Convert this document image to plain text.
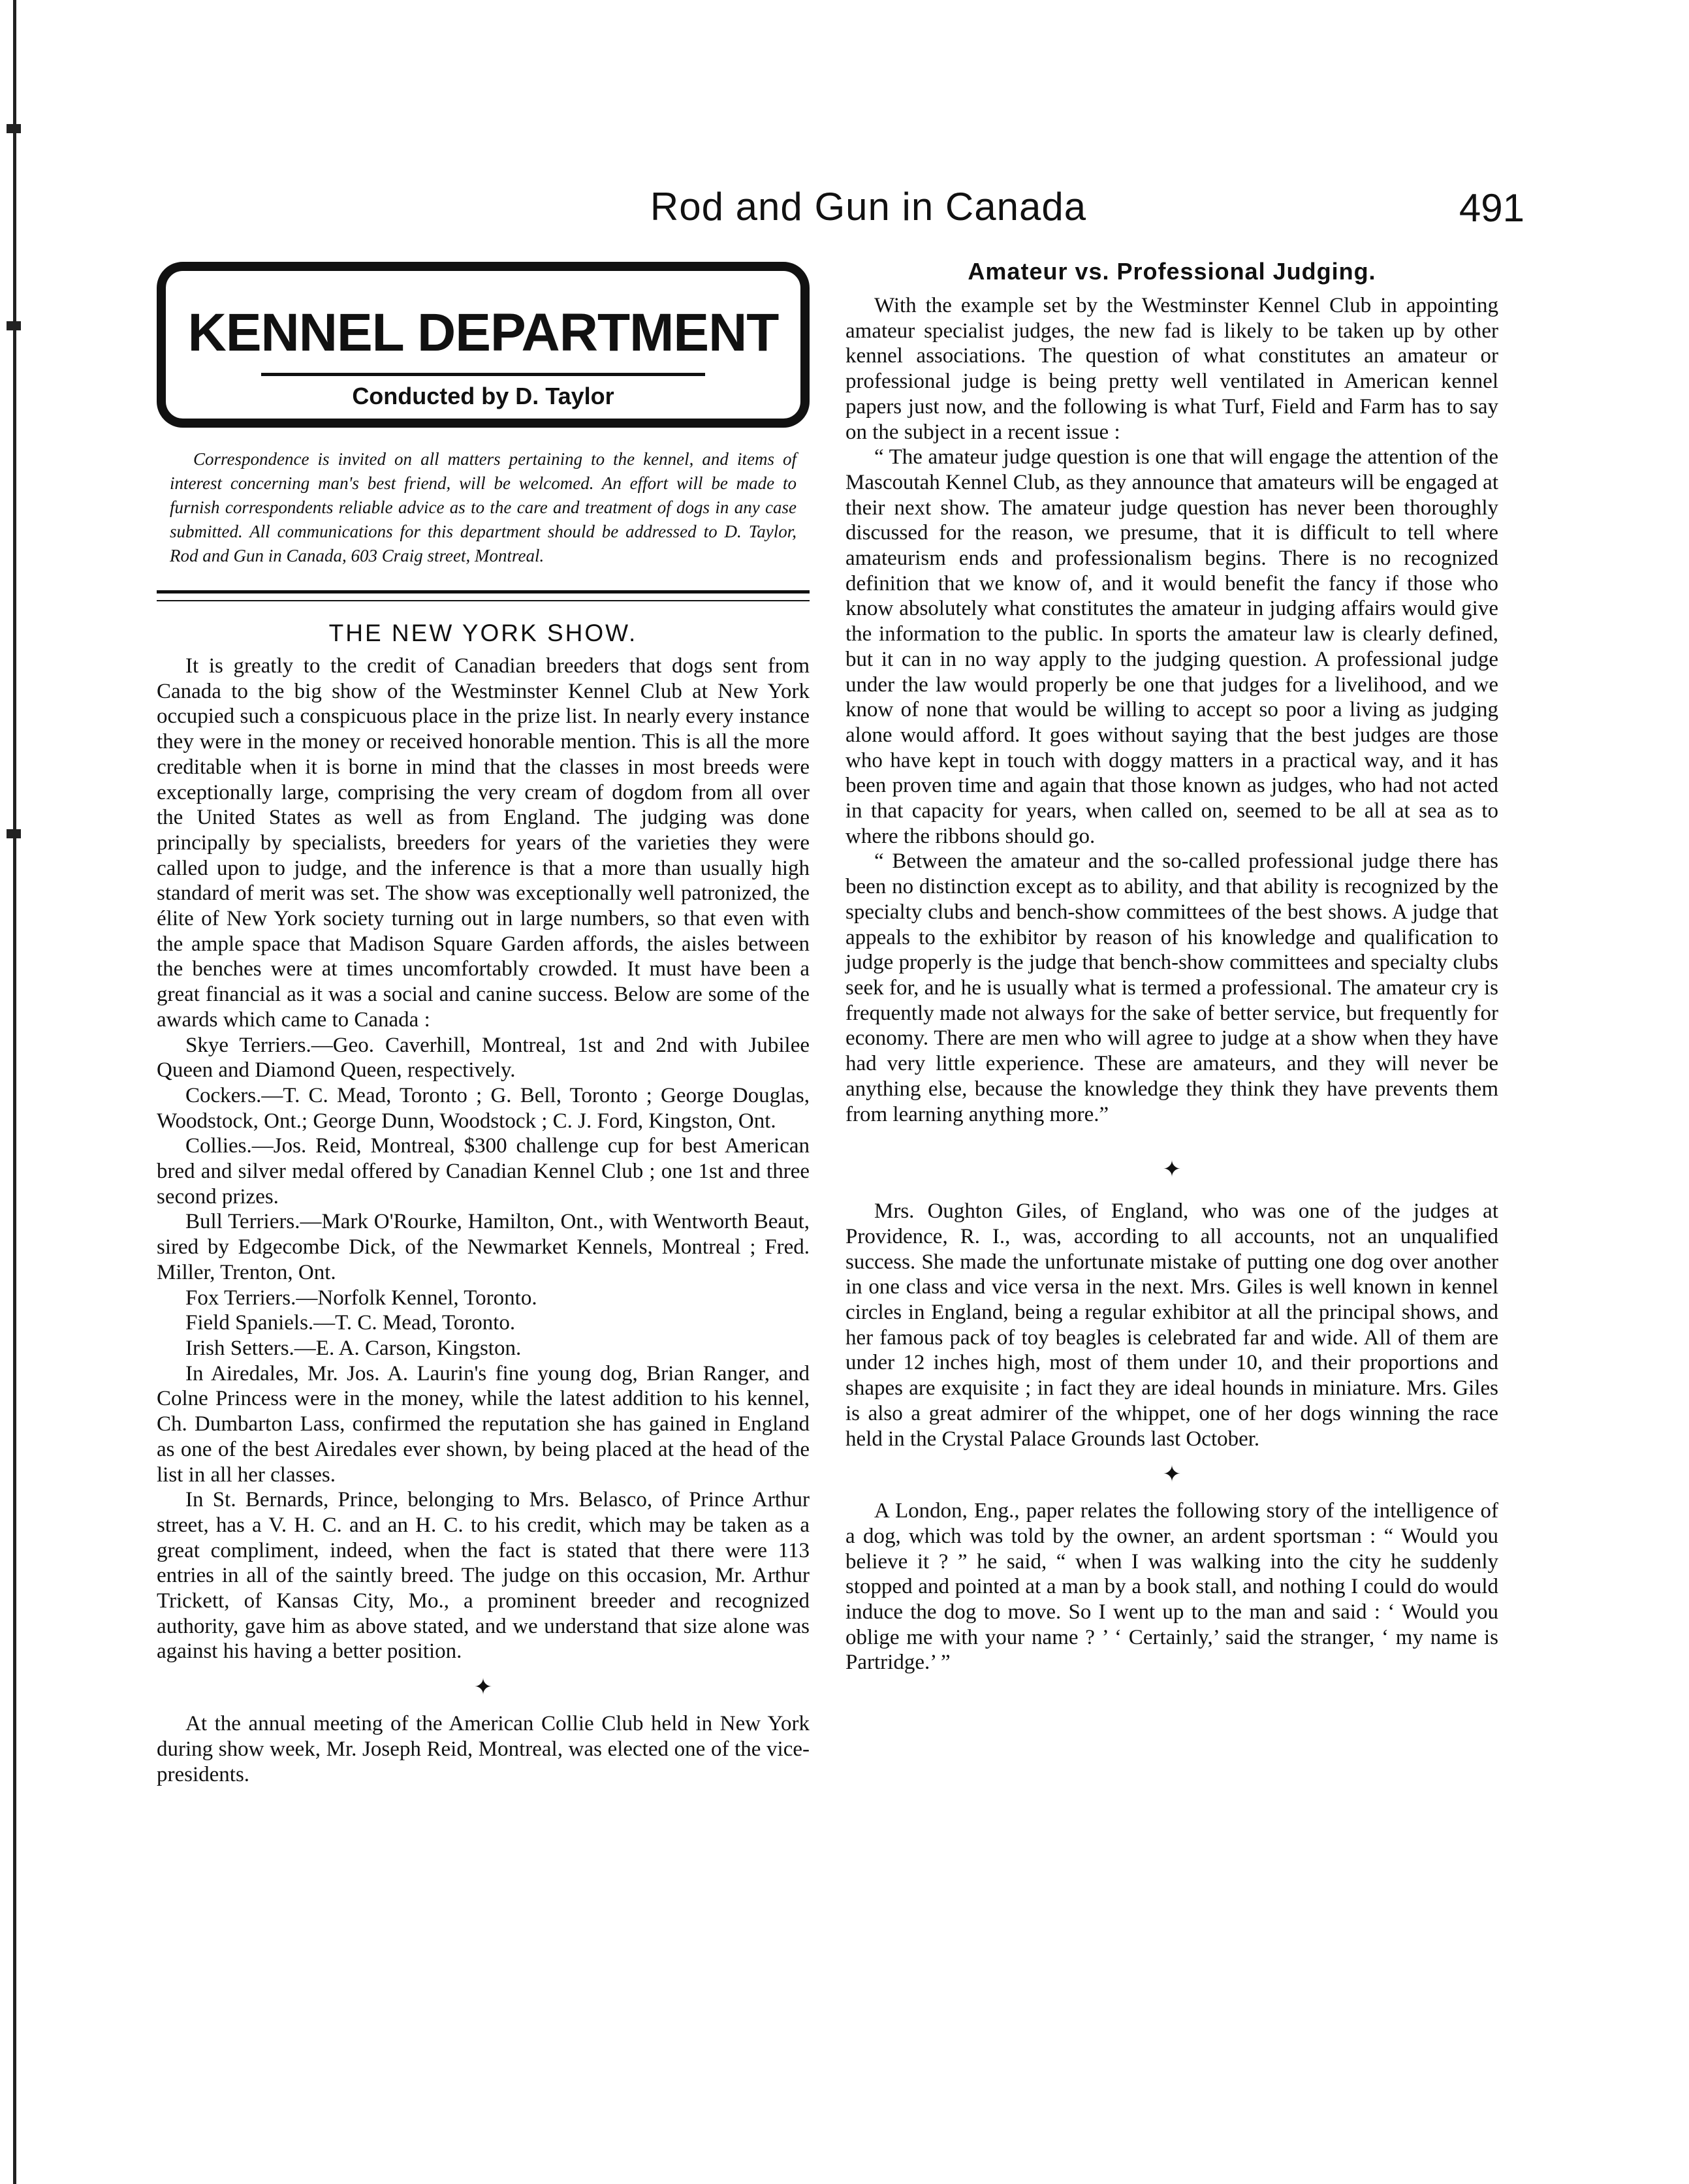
Rod and Gun in Canada	491
KENNEL DEPARTMENT
Conducted by D. Taylor

Correspondence is invited on all matters pertaining to the kennel, and items of interest concerning man's best friend, will be welcomed. An effort will be made to furnish correspondents reliable advice as to the care and treatment of dogs in any case submitted. All communications for this department should be addressed to D. Taylor, Rod and Gun in Canada, 603 Craig street, Montreal.

THE NEW YORK SHOW.

It is greatly to the credit of Canadian breeders that dogs sent from Canada to the big show of the Westminster Kennel Club at New York occupied such a conspicuous place in the prize list. In nearly every instance they were in the money or received honorable mention. This is all the more creditable when it is borne in mind that the classes in most breeds were exceptionally large, comprising the very cream of dogdom from all over the United States as well as from England. The judging was done principally by specialists, breeders for years of the varieties they were called upon to judge, and the inference is that a more than usually high standard of merit was set. The show was exceptionally well patronized, the élite of New York society turning out in large numbers, so that even with the ample space that Madison Square Garden affords, the aisles between the benches were at times uncomfortably crowded. It must have been a great financial as it was a social and canine success. Below are some of the awards which came to Canada :

Skye Terriers.—Geo. Caverhill, Montreal, 1st and 2nd with Jubilee Queen and Diamond Queen, respectively.

Cockers.—T. C. Mead, Toronto ; G. Bell, Toronto ; George Douglas, Woodstock, Ont.; George Dunn, Woodstock ; C. J. Ford, Kingston, Ont.

Collies.—Jos. Reid, Montreal, $300 challenge cup for best American bred and silver medal offered by Canadian Kennel Club ; one 1st and three second prizes.

Bull Terriers.—Mark O'Rourke, Hamilton, Ont., with Wentworth Beaut, sired by Edgecombe Dick, of the Newmarket Kennels, Montreal ; Fred. Miller, Trenton, Ont.

Fox Terriers.—Norfolk Kennel, Toronto.

Field Spaniels.—T. C. Mead, Toronto.

Irish Setters.—E. A. Carson, Kingston.

In Airedales, Mr. Jos. A. Laurin's fine young dog, Brian Ranger, and Colne Princess were in the money, while the latest addition to his kennel, Ch. Dumbarton Lass, confirmed the reputation she has gained in England as one of the best Airedales ever shown, by being placed at the head of the list in all her classes.

In St. Bernards, Prince, belonging to Mrs. Belasco, of Prince Arthur street, has a V. H. C. and an H. C. to his credit, which may be taken as a great compliment, indeed, when the fact is stated that there were 113 entries in all of the saintly breed. The judge on this occasion, Mr. Arthur Trickett, of Kansas City, Mo., a prominent breeder and recognized authority, gave him as above stated, and we understand that size alone was against his having a better position.

✦

At the annual meeting of the American Collie Club held in New York during show week, Mr. Joseph Reid, Montreal, was elected one of the vice-presidents.

Amateur vs. Professional Judging.

With the example set by the Westminster Kennel Club in appointing amateur specialist judges, the new fad is likely to be taken up by other kennel associations. The question of what constitutes an amateur or professional judge is being pretty well ventilated in American kennel papers just now, and the following is what Turf, Field and Farm has to say on the subject in a recent issue :

“ The amateur judge question is one that will engage the attention of the Mascoutah Kennel Club, as they announce that amateurs will be engaged at their next show. The amateur judge question has never been thoroughly discussed for the reason, we presume, that it is difficult to tell where amateurism ends and professionalism begins. There is no recognized definition that we know of, and it would benefit the fancy if those who know absolutely what constitutes the amateur in judging affairs would give the information to the public. In sports the amateur law is clearly defined, but it can in no way apply to the judging question. A professional judge under the law would properly be one that judges for a livelihood, and we know of none that would be willing to accept so poor a living as judging alone would afford. It goes without saying that the best judges are those who have kept in touch with doggy matters in a practical way, and it has been proven time and again that those known as judges, who had not acted in that capacity for years, when called on, seemed to be all at sea as to where the ribbons should go.

“ Between the amateur and the so-called professional judge there has been no distinction except as to ability, and that ability is recognized by the specialty clubs and bench-show committees of the best shows. A judge that appeals to the exhibitor by reason of his knowledge and qualification to judge properly is the judge that bench-show committees and specialty clubs seek for, and he is usually what is termed a professional. The amateur cry is frequently made not always for the sake of better service, but frequently for economy. There are men who will agree to judge at a show when they have had very little experience. These are amateurs, and they will never be anything else, because the knowledge they think they have prevents them from learning anything more.”

✦

Mrs. Oughton Giles, of England, who was one of the judges at Providence, R. I., was, according to all accounts, not an unqualified success. She made the unfortunate mistake of putting one dog over another in one class and vice versa in the next. Mrs. Giles is well known in kennel circles in England, being a regular exhibitor at all the principal shows, and her famous pack of toy beagles is celebrated far and wide. All of them are under 12 inches high, most of them under 10, and their proportions and shapes are exquisite ; in fact they are ideal hounds in miniature. Mrs. Giles is also a great admirer of the whippet, one of her dogs winning the race held in the Crystal Palace Grounds last October.

✦

A London, Eng., paper relates the following story of the intelligence of a dog, which was told by the owner, an ardent sportsman : “ Would you believe it ? ” he said, “ when I was walking into the city he suddenly stopped and pointed at a man by a book stall, and nothing I could do would induce the dog to move. So I went up to the man and said : ‘ Would you oblige me with your name ? ’ ‘ Certainly,’ said the stranger, ‘ my name is Partridge.’ ”
